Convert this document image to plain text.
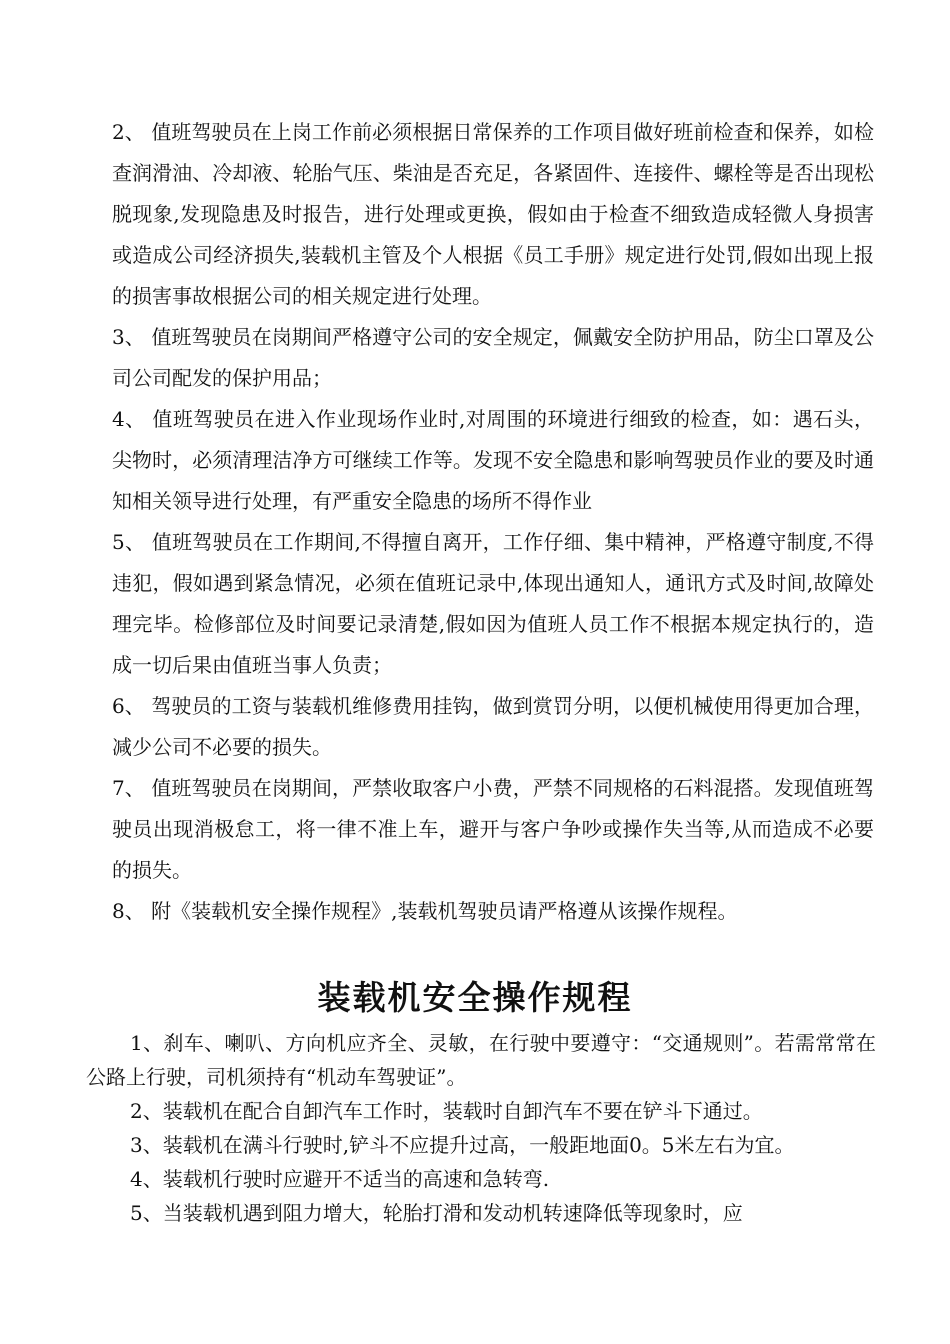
2、 值班驾驶员在上岗工作前必须根据日常保养的工作项目做好班前检查和保养，如检查润滑油、冷却液、轮胎气压、柴油是否充足，各紧固件、连接件、螺栓等是否出现松脱现象,发现隐患及时报告，进行处理或更换，假如由于检查不细致造成轻微人身损害或造成公司经济损失,装载机主管及个人根据《员工手册》规定进行处罚,假如出现上报的损害事故根据公司的相关规定进行处理。
3、 值班驾驶员在岗期间严格遵守公司的安全规定，佩戴安全防护用品，防尘口罩及公司公司配发的保护用品；
4、 值班驾驶员在进入作业现场作业时,对周围的环境进行细致的检查，如：遇石头，尖物时，必须清理洁净方可继续工作等。发现不安全隐患和影响驾驶员作业的要及时通知相关领导进行处理，有严重安全隐患的场所不得作业
5、 值班驾驶员在工作期间,不得擅自离开，工作仔细、集中精神，严格遵守制度,不得违犯，假如遇到紧急情况，必须在值班记录中,体现出通知人，通讯方式及时间,故障处理完毕。检修部位及时间要记录清楚,假如因为值班人员工作不根据本规定执行的，造成一切后果由值班当事人负责；
6、 驾驶员的工资与装载机维修费用挂钩，做到赏罚分明，以便机械使用得更加合理，减少公司不必要的损失。
7、 值班驾驶员在岗期间，严禁收取客户小费，严禁不同规格的石料混搭。发现值班驾驶员出现消极怠工，将一律不准上车，避开与客户争吵或操作失当等,从而造成不必要的损失。
8、 附《装载机安全操作规程》,装载机驾驶员请严格遵从该操作规程。
装载机安全操作规程

1、刹车、喇叭、方向机应齐全、灵敏，在行驶中要遵守：“交通规则”。若需常常在公路上行驶，司机须持有“机动车驾驶证”。

2、装载机在配合自卸汽车工作时，装载时自卸汽车不要在铲斗下通过。

3、装载机在满斗行驶时,铲斗不应提升过高，一般距地面0。5米左右为宜。

4、装载机行驶时应避开不适当的高速和急转弯.

5、当装载机遇到阻力增大，轮胎打滑和发动机转速降低等现象时，应
